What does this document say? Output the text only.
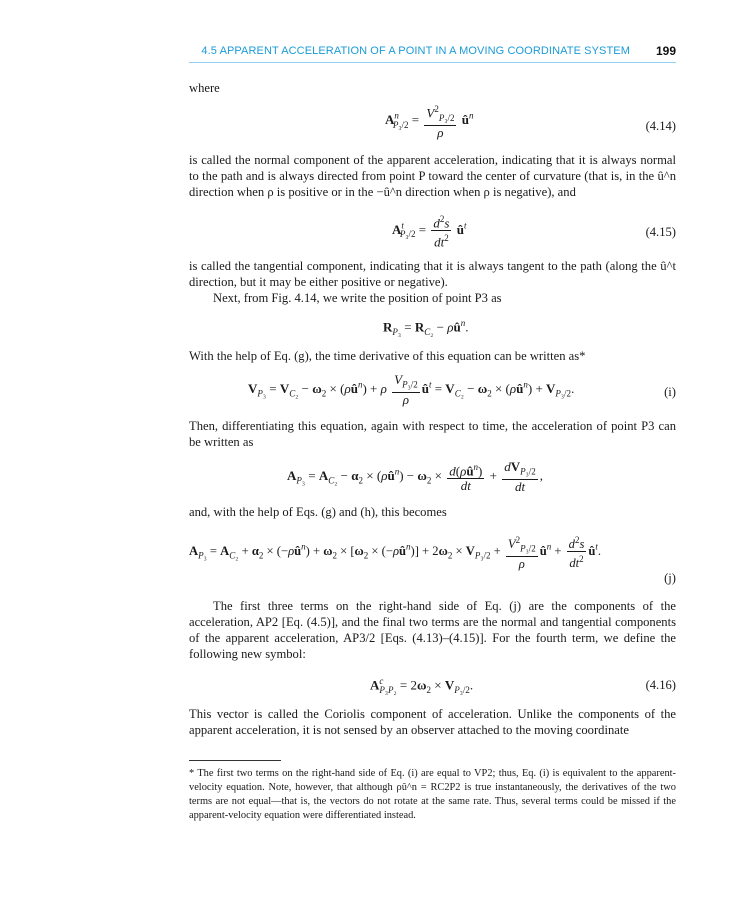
4.5 APPARENT ACCELERATION OF A POINT IN A MOVING COORDINATE SYSTEM 199
where
$A^n_{P_3/2} = \frac{V^2_{P_3/2}}{\rho}$ $û^n$
(4.14)
is called the normal component of the apparent acceleration, indicating that it is always normal to the path and is always directed from point P toward the center of curvature (that is, in the û^n direction when ρ is positive or in the −û^n direction when ρ is negative), and
$A^t_{P_3/2} = \frac{d^2s}{dt^2}$ $û^t$	(4.15)
is called the tangential component, indicating that it is always tangent to the path (along the û^t direction, but it may be either positive or negative).
Next, from Fig. 4.14, we write the position of point P3 as
$R_{P_3} = R_{C_2}$ − $\rho û^n$.
With the help of Eq. (g), the time derivative of this equation can be written as*
$V_{P_3} = V_{C_2} - \omega_2$ × $(\rho û^n) + \rho \frac{V_{P_3/2}}{\rho}$ $û^t = V_{C_2} - \omega_2$ × $(\rho û^n) + V_{P_3/2}$.	(i)
Then, differentiating this equation, again with respect to time, the acceleration of point P3 can be written as
$A_{P_3} = A_{C_2} - \alpha_2$ × $(\rho û^n) - \omega_2 \times \frac{d(\rho û^n)}{dt} + \frac{dV_{P_3/2}}{dt}$ ,
and, with the help of Eqs. (g) and (h), this becomes
$A_{P_3} = A_{C_2} + \alpha_2$ × $(-\rho û^n) + \omega_2 \times [\omega_2$ × $(-\rho û^n)] + 2\omega_2 \times V_{P_3/2} + \frac{V^2_{P_3/2}}{\rho}$ $û^n + \frac{d^2s}{dt^2}$ $û^t$.
(j)
The first three terms on the right-hand side of Eq. (j) are the components of the acceleration, AP2 [Eq. (4.5)], and the final two terms are the normal and tangential components of the apparent acceleration, AP3/2 [Eqs. (4.13)–(4.15)]. For the fourth term, we define the following new symbol:
$A^c_{P_3P_2} = 2\omega_2 \times V_{P_3/2}$.	(4.16)
This vector is called the Coriolis component of acceleration. Unlike the components of the apparent acceleration, it is not sensed by an observer attached to the moving coordinate
* The first two terms on the right-hand side of Eq. (i) are equal to VP2; thus, Eq. (i) is equivalent to the apparent-velocity equation. Note, however, that although ρû^n = RC2P2 is true instantaneously, the derivatives of the two terms are not equal—that is, the vectors do not rotate at the same rate. Thus, several terms could be missed if the apparent-velocity equation were differentiated instead.
